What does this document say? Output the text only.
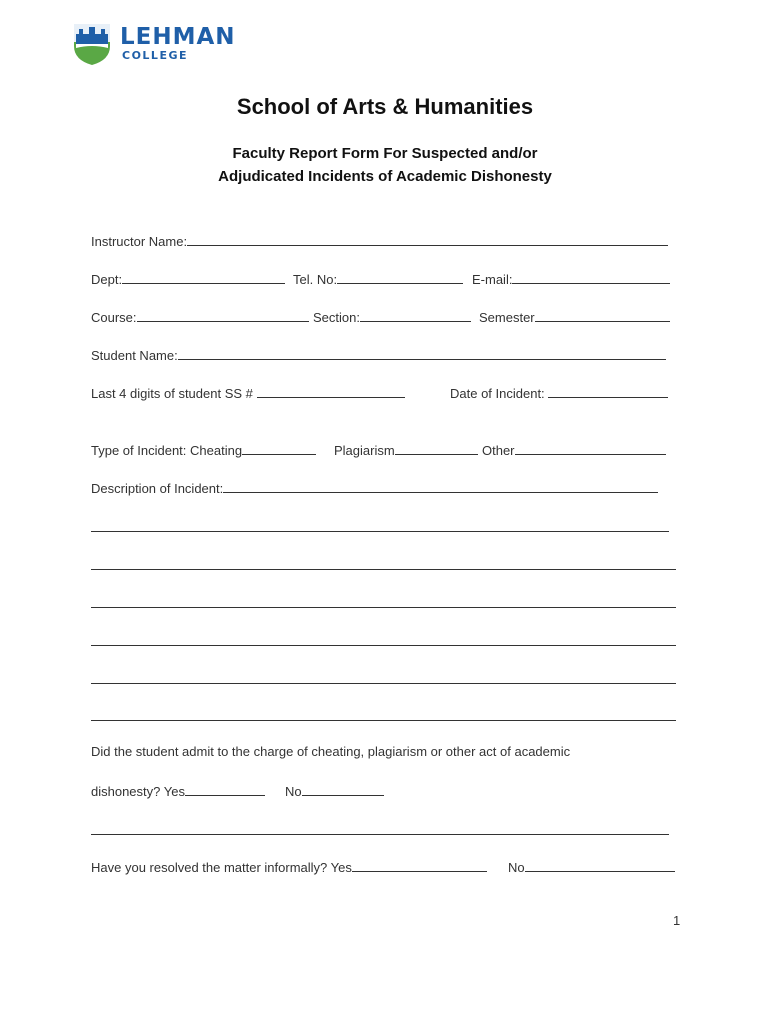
LEHMAN
COLLEGE
School of Arts & Humanities
Faculty Report Form For Suspected and/or
Adjudicated Incidents of Academic Dishonesty
Instructor Name:
Dept:	Tel. No:	E-mail:
Course:	Section:	Semester
Student Name:
Last 4 digits of student SS #	Date of Incident:
Type of Incident: Cheating	Plagiarism	Other
Description of Incident:
Did the student admit to the charge of cheating, plagiarism or other act of academic
dishonesty? Yes	No
Have you resolved the matter informally? Yes	No
1
